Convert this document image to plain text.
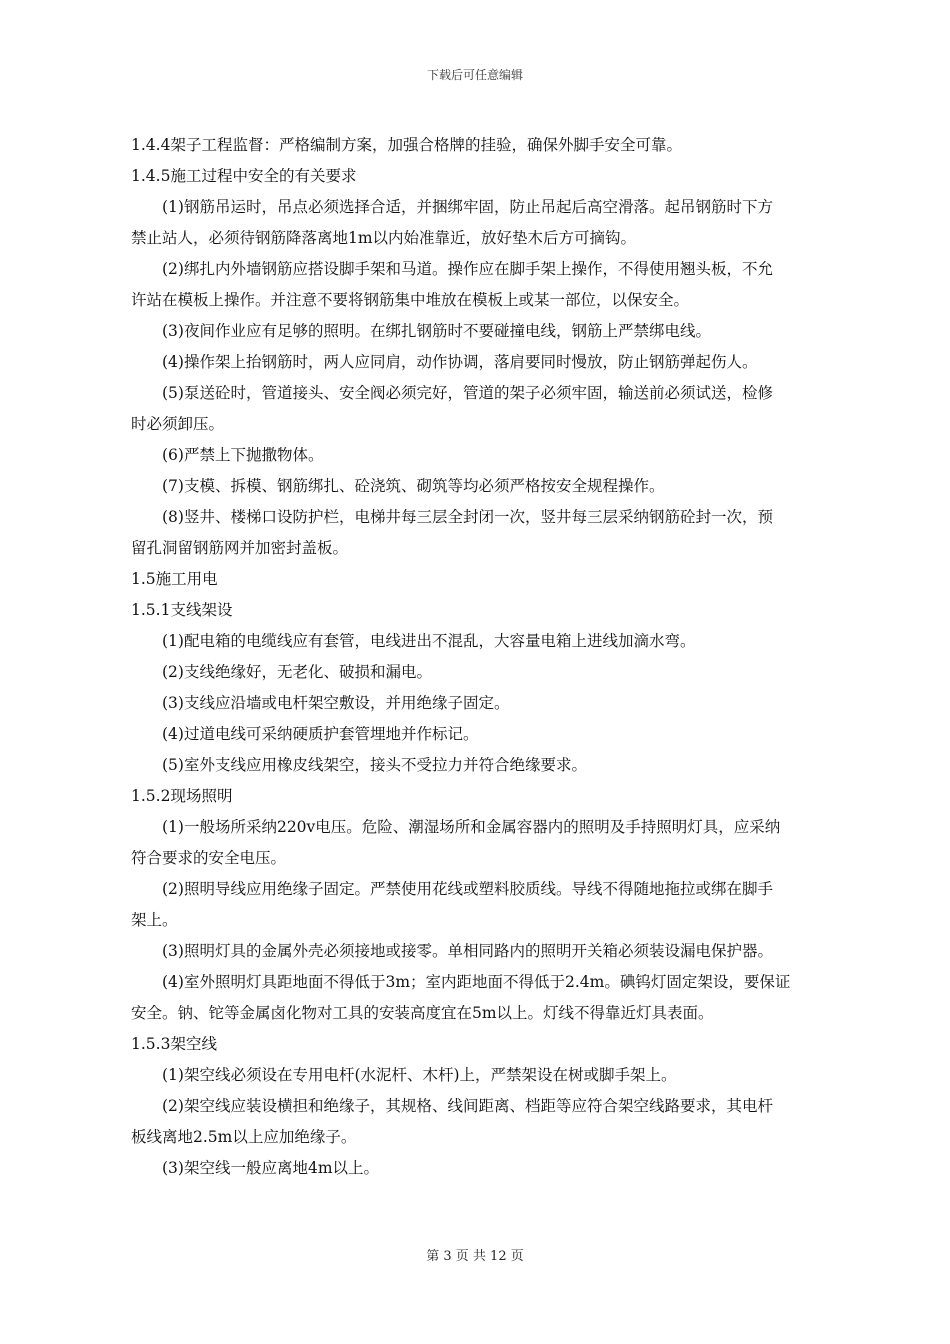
下载后可任意编辑
1.4.4架子工程监督：严格编制方案，加强合格牌的挂验，确保外脚手安全可靠。
1.4.5施工过程中安全的有关要求
(1)钢筋吊运时，吊点必须选择合适，并捆绑牢固，防止吊起后高空滑落。起吊钢筋时下方
禁止站人，必须待钢筋降落离地1m以内始准靠近，放好垫木后方可摘钩。
(2)绑扎内外墙钢筋应搭设脚手架和马道。操作应在脚手架上操作，不得使用翘头板，不允
许站在模板上操作。并注意不要将钢筋集中堆放在模板上或某一部位，以保安全。
(3)夜间作业应有足够的照明。在绑扎钢筋时不要碰撞电线，钢筋上严禁绑电线。
(4)操作架上抬钢筋时，两人应同肩，动作协调，落肩要同时慢放，防止钢筋弹起伤人。
(5)泵送砼时，管道接头、安全阀必须完好，管道的架子必须牢固，输送前必须试送，检修
时必须卸压。
(6)严禁上下抛撒物体。
(7)支模、拆模、钢筋绑扎、砼浇筑、砌筑等均必须严格按安全规程操作。
(8)竖井、楼梯口设防护栏，电梯井每三层全封闭一次，竖井每三层采纳钢筋砼封一次，预
留孔洞留钢筋网并加密封盖板。
1.5施工用电
1.5.1支线架设
(1)配电箱的电缆线应有套管，电线进出不混乱，大容量电箱上进线加滴水弯。
(2)支线绝缘好，无老化、破损和漏电。
(3)支线应沿墙或电杆架空敷设，并用绝缘子固定。
(4)过道电线可采纳硬质护套管埋地并作标记。
(5)室外支线应用橡皮线架空，接头不受拉力并符合绝缘要求。
1.5.2现场照明
(1)一般场所采纳220v电压。危险、潮湿场所和金属容器内的照明及手持照明灯具，应采纳
符合要求的安全电压。
(2)照明导线应用绝缘子固定。严禁使用花线或塑料胶质线。导线不得随地拖拉或绑在脚手
架上。
(3)照明灯具的金属外壳必须接地或接零。单相同路内的照明开关箱必须装设漏电保护器。
(4)室外照明灯具距地面不得低于3m；室内距地面不得低于2.4m。碘钨灯固定架设，要保证
安全。钠、铊等金属卤化物对工具的安装高度宜在5m以上。灯线不得靠近灯具表面。
1.5.3架空线
(1)架空线必须设在专用电杆(水泥杆、木杆)上，严禁架设在树或脚手架上。
(2)架空线应装设横担和绝缘子，其规格、线间距离、档距等应符合架空线路要求，其电杆
板线离地2.5m以上应加绝缘子。
(3)架空线一般应离地4m以上。
第 3 页 共 12 页
